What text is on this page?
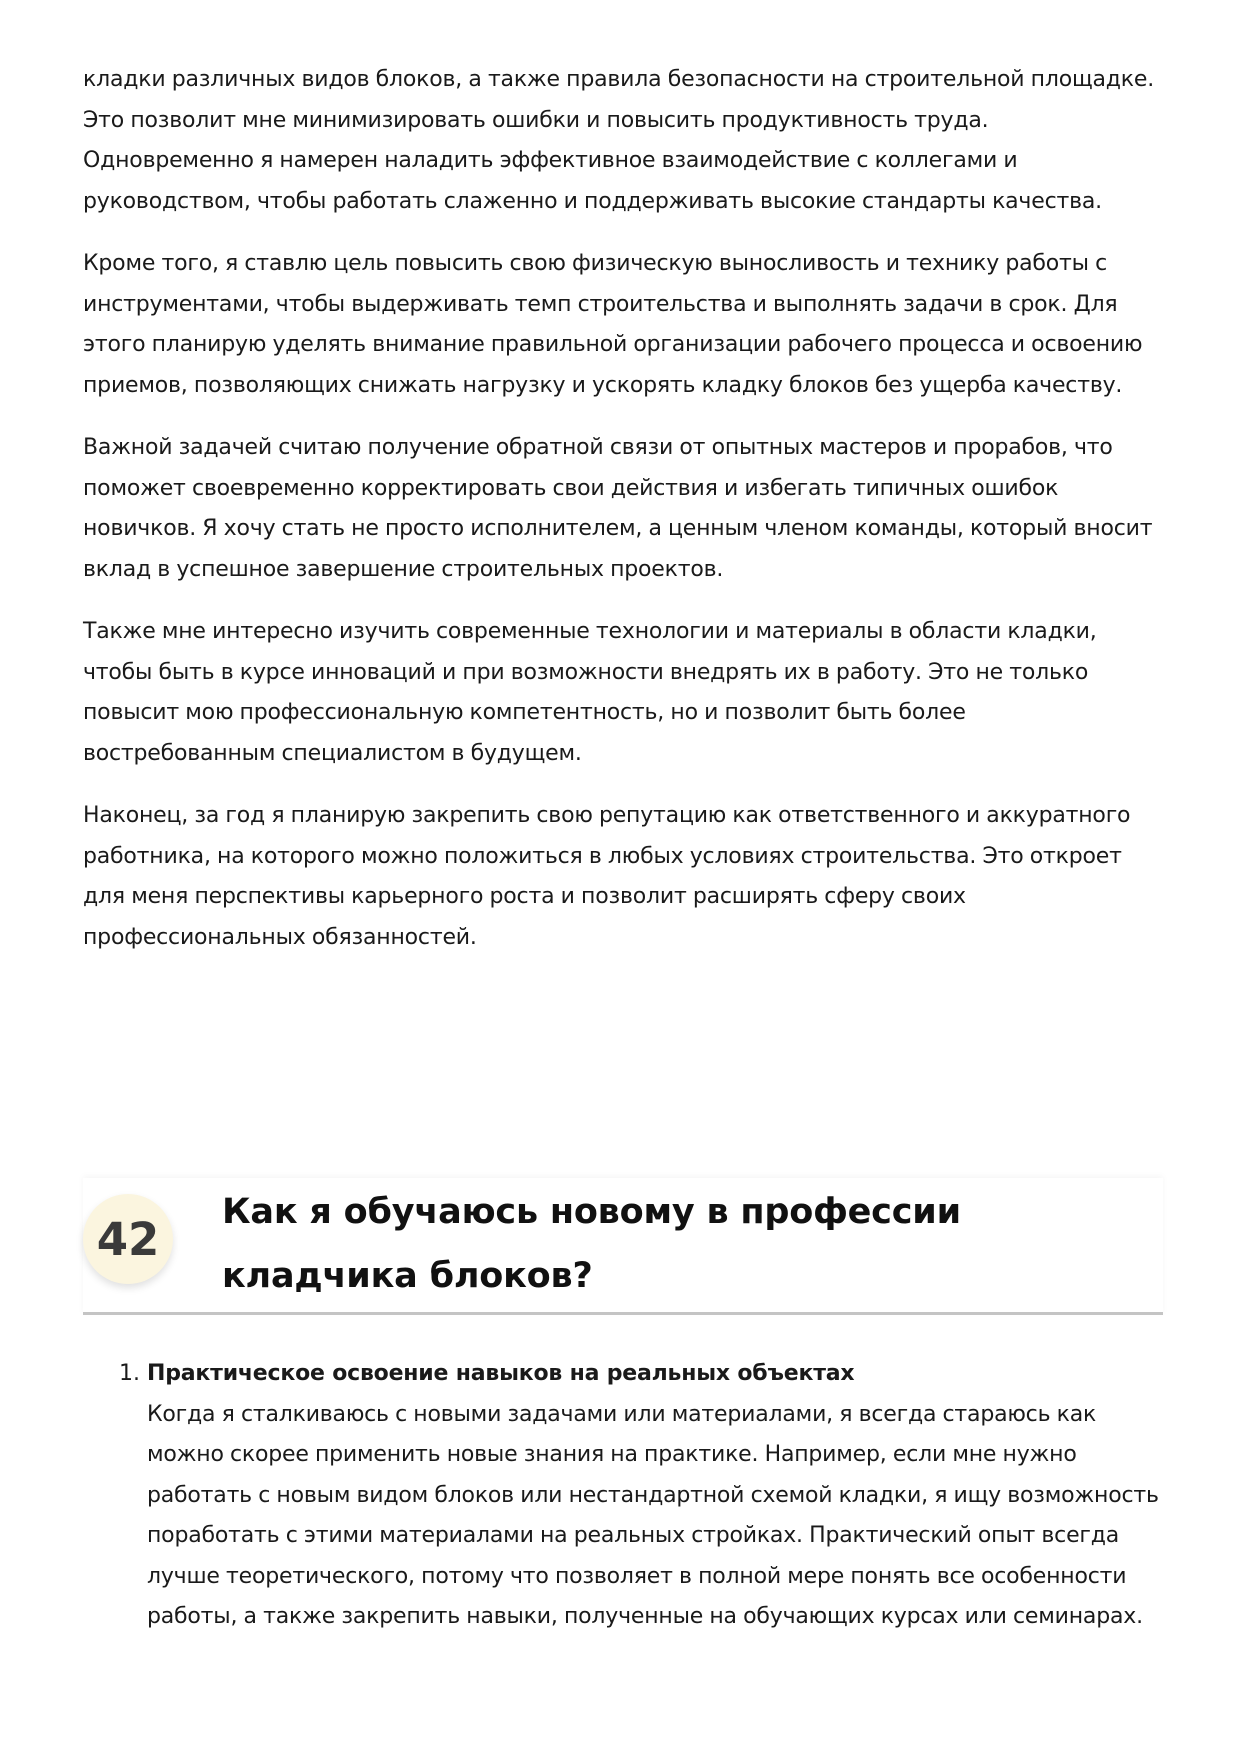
кладки различных видов блоков, а также правила безопасности на строительной площадке. Это позволит мне минимизировать ошибки и повысить продуктивность труда. Одновременно я намерен наладить эффективное взаимодействие с коллегами и руководством, чтобы работать слаженно и поддерживать высокие стандарты качества.

Кроме того, я ставлю цель повысить свою физическую выносливость и технику работы с инструментами, чтобы выдерживать темп строительства и выполнять задачи в срок. Для этого планирую уделять внимание правильной организации рабочего процесса и освоению приемов, позволяющих снижать нагрузку и ускорять кладку блоков без ущерба качеству.

Важной задачей считаю получение обратной связи от опытных мастеров и прорабов, что поможет своевременно корректировать свои действия и избегать типичных ошибок новичков. Я хочу стать не просто исполнителем, а ценным членом команды, который вносит вклад в успешное завершение строительных проектов.

Также мне интересно изучить современные технологии и материалы в области кладки, чтобы быть в курсе инноваций и при возможности внедрять их в работу. Это не только повысит мою профессиональную компетентность, но и позволит быть более востребованным специалистом в будущем.

Наконец, за год я планирую закрепить свою репутацию как ответственного и аккуратного работника, на которого можно положиться в любых условиях строительства. Это откроет для меня перспективы карьерного роста и позволит расширять сферу своих профессиональных обязанностей.

42
Как я обучаюсь новому в профессии кладчика блоков?
1. Практическое освоение навыков на реальных объектах
Когда я сталкиваюсь с новыми задачами или материалами, я всегда стараюсь как можно скорее применить новые знания на практике. Например, если мне нужно работать с новым видом блоков или нестандартной схемой кладки, я ищу возможность поработать с этими материалами на реальных стройках. Практический опыт всегда лучше теоретического, потому что позволяет в полной мере понять все особенности работы, а также закрепить навыки, полученные на обучающих курсах или семинарах.
